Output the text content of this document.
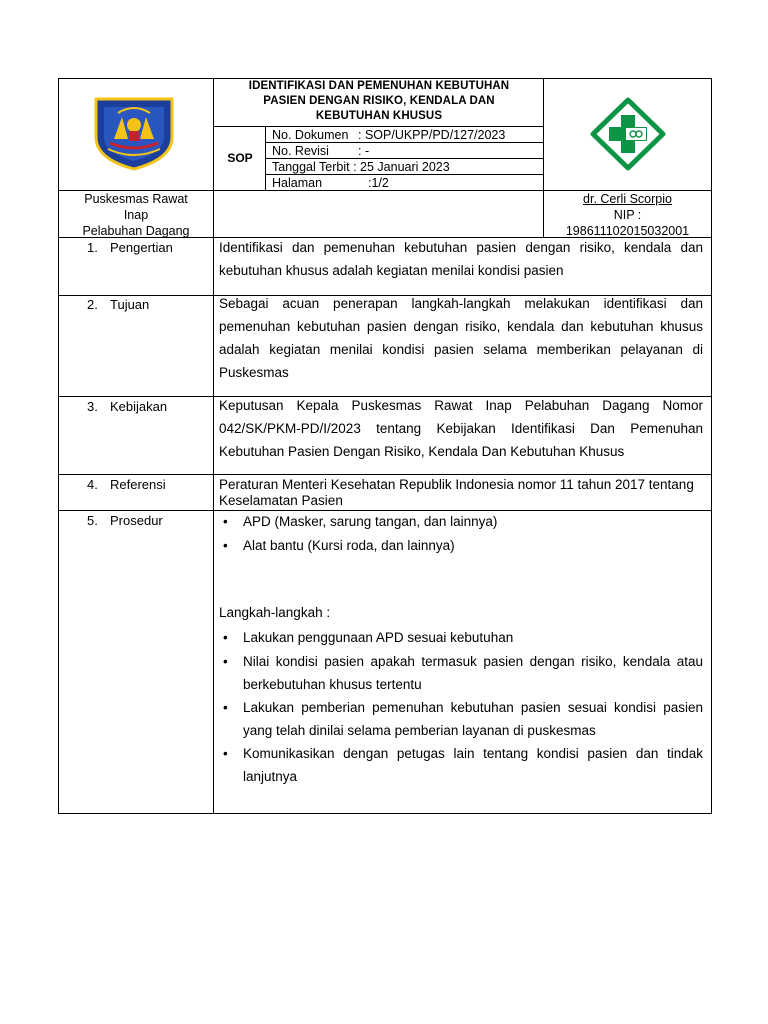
IDENTIFIKASI DAN PEMENUHAN KEBUTUHAN
PASIEN DENGAN RISIKO, KENDALA DAN
KEBUTUHAN KHUSUS
SOP
No. Dokumen : SOP/UKPP/PD/127/2023
No. Revisi : -
Tanggal Terbit : 25 Januari 2023
Halaman	:1/2
Puskesmas Rawat
Inap
Pelabuhan Dagang
dr. Cerli Scorpio
NIP :
198611102015032001
1. Pengertian	Identifikasi dan pemenuhan kebutuhan pasien dengan risiko, kendala dan kebutuhan khusus adalah kegiatan menilai kondisi pasien
2. Tujuan	Sebagai acuan penerapan langkah-langkah melakukan identifikasi dan pemenuhan kebutuhan pasien dengan risiko, kendala dan kebutuhan khusus adalah kegiatan menilai kondisi pasien selama memberikan pelayanan di Puskesmas
3. Kebijakan	Keputusan Kepala Puskesmas Rawat Inap Pelabuhan Dagang Nomor 042/SK/PKM-PD/I/2023 tentang Kebijakan Identifikasi Dan Pemenuhan Kebutuhan Pasien Dengan Risiko, Kendala Dan Kebutuhan Khusus
4. Referensi	Peraturan Menteri Kesehatan Republik Indonesia nomor 11 tahun 2017 tentang Keselamatan Pasien
5. Prosedur	• APD (Masker, sarung tangan, dan lainnya)
• Alat bantu (Kursi roda, dan lainnya)
Langkah-langkah :
• Lakukan penggunaan APD sesuai kebutuhan
• Nilai kondisi pasien apakah termasuk pasien dengan risiko, kendala atau berkebutuhan khusus tertentu
• Lakukan pemberian pemenuhan kebutuhan pasien sesuai kondisi pasien yang telah dinilai selama pemberian layanan di puskesmas
• Komunikasikan dengan petugas lain tentang kondisi pasien dan tindak lanjutnya
